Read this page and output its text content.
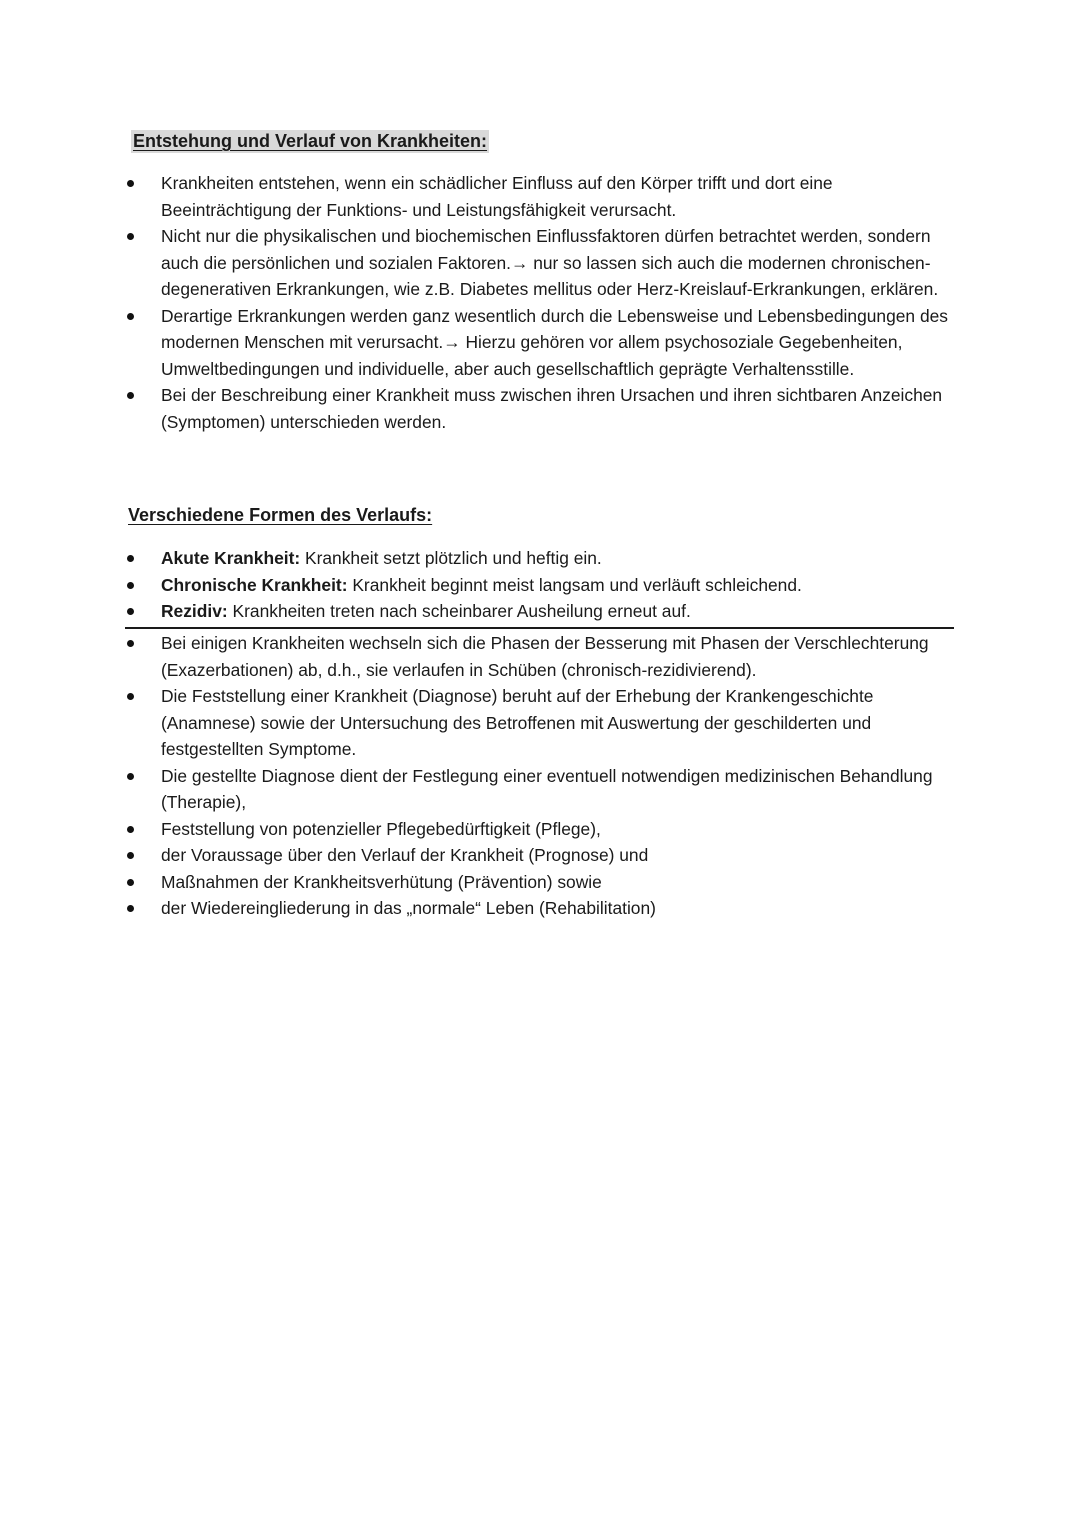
Entstehung und Verlauf von Krankheiten:
Krankheiten entstehen, wenn ein schädlicher Einfluss auf den Körper trifft und dort eine Beeinträchtigung der Funktions- und Leistungsfähigkeit verursacht.
Nicht nur die physikalischen und biochemischen Einflussfaktoren dürfen betrachtet werden, sondern auch die persönlichen und sozialen Faktoren.→ nur so lassen sich auch die modernen chronischen-degenerativen Erkrankungen, wie z.B. Diabetes mellitus oder Herz-Kreislauf-Erkrankungen, erklären.
Derartige Erkrankungen werden ganz wesentlich durch die Lebensweise und Lebensbedingungen des modernen Menschen mit verursacht.→ Hierzu gehören vor allem psychosoziale Gegebenheiten, Umweltbedingungen und individuelle, aber auch gesellschaftlich geprägte Verhaltensstille.
Bei der Beschreibung einer Krankheit muss zwischen ihren Ursachen und ihren sichtbaren Anzeichen (Symptomen) unterschieden werden.
Verschiedene Formen des Verlaufs:
Akute Krankheit: Krankheit setzt plötzlich und heftig ein.
Chronische Krankheit: Krankheit beginnt meist langsam und verläuft schleichend.
Rezidiv: Krankheiten treten nach scheinbarer Ausheilung erneut auf.
Bei einigen Krankheiten wechseln sich die Phasen der Besserung mit Phasen der Verschlechterung (Exazerbationen) ab, d.h., sie verlaufen in Schüben (chronisch-rezidivierend).
Die Feststellung einer Krankheit (Diagnose) beruht auf der Erhebung der Krankengeschichte (Anamnese) sowie der Untersuchung des Betroffenen mit Auswertung der geschilderten und festgestellten Symptome.
Die gestellte Diagnose dient der Festlegung einer eventuell notwendigen medizinischen Behandlung (Therapie),
Feststellung von potenzieller Pflegebedürftigkeit (Pflege),
der Voraussage über den Verlauf der Krankheit (Prognose) und
Maßnahmen der Krankheitsverhütung (Prävention) sowie
der Wiedereingliederung in das „normale“ Leben (Rehabilitation)
